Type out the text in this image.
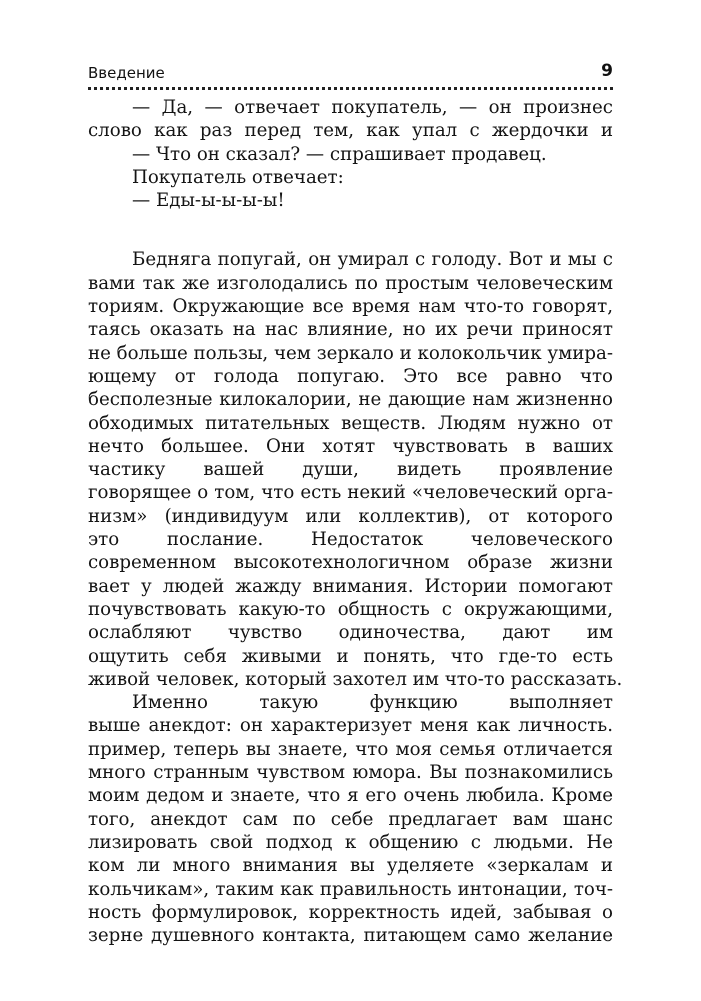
Введение	9
— Да, — отвечает покупатель, — он произнес
слово как раз перед тем, как упал с жердочки и
— Что он сказал? — спрашивает продавец.
Покупатель отвечает:
— Еды-ы-ы-ы-ы!
Бедняга попугай, он умирал с голоду. Вот и мы с
вами так же изголодались по простым человеческим
ториям. Окружающие все время нам что-то говорят,
таясь оказать на нас влияние, но их речи приносят
не больше пользы, чем зеркало и колокольчик умира-
ющему от голода попугаю. Это все равно что
бесполезные килокалории, не дающие нам жизненно
обходимых питательных веществ. Людям нужно от
нечто большее. Они хотят чувствовать в ваших
частику вашей души, видеть проявление
говорящее о том, что есть некий «человеческий орга-
низм» (индивидуум или коллектив), от которого
это послание. Недостаток человеческого
современном высокотехнологичном образе жизни
вает у людей жажду внимания. Истории помогают
почувствовать какую-то общность с окружающими,
ослабляют чувство одиночества, дают им
ощутить себя живыми и понять, что где-то есть
живой человек, который захотел им что-то рассказать.
Именно такую функцию выполняет
выше анекдот: он характеризует меня как личность.
пример, теперь вы знаете, что моя семья отличается
много странным чувством юмора. Вы познакомились
моим дедом и знаете, что я его очень любила. Кроме
того, анекдот сам по себе предлагает вам шанс
лизировать свой подход к общению с людьми. Не
ком ли много внимания вы уделяете «зеркалам и
кольчикам», таким как правильность интонации, точ-
ность формулировок, корректность идей, забывая о
зерне душевного контакта, питающем само желание
